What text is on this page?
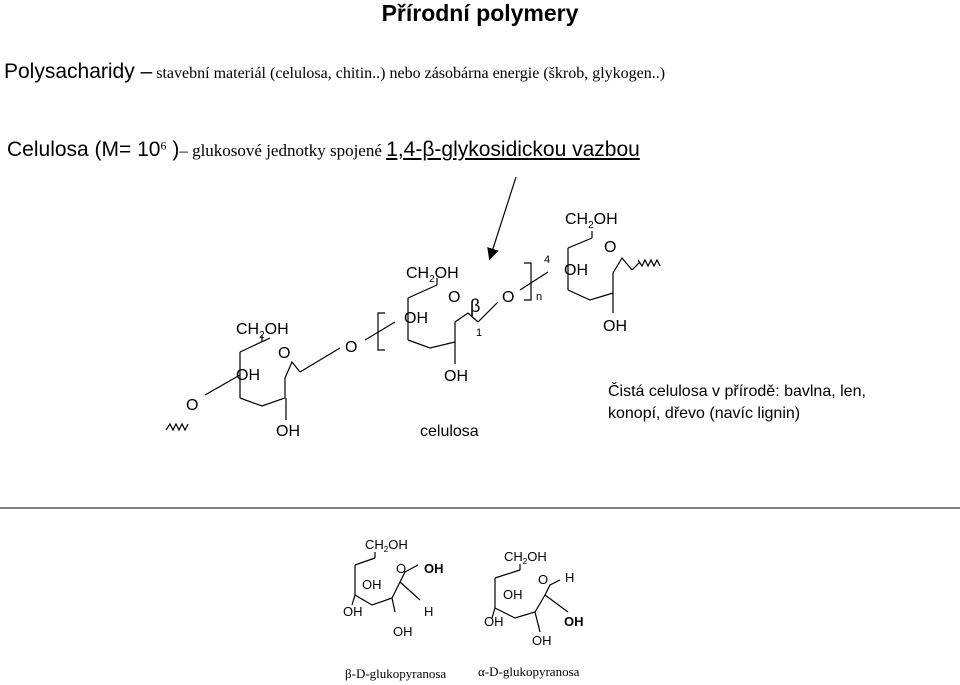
Přírodní polymery
Polysacharidy – stavební materiál (celulosa, chitin..) nebo zásobárna energie (škrob, glykogen..)
Celulosa ($M= 10^6$ )– glukosové jednotky spojené 1,4-β-glykosidickou vazbou
$CH_2OH$
O
OH
O
OH
O
$CH_2OH$
O β O
OH
1
OH
n
$CH_2OH$
O
4
OH
OH
$CH_2OH$
O OH
OH
OH	H
OH
$CH_2OH$
O H
OH
OH	OH
OH
celulosa
Čistá celulosa v přírodě: bavlna, len,
konopí, dřevo (navíc lignin)
β-D-glukopyranosa α-D-glukopyranosa
